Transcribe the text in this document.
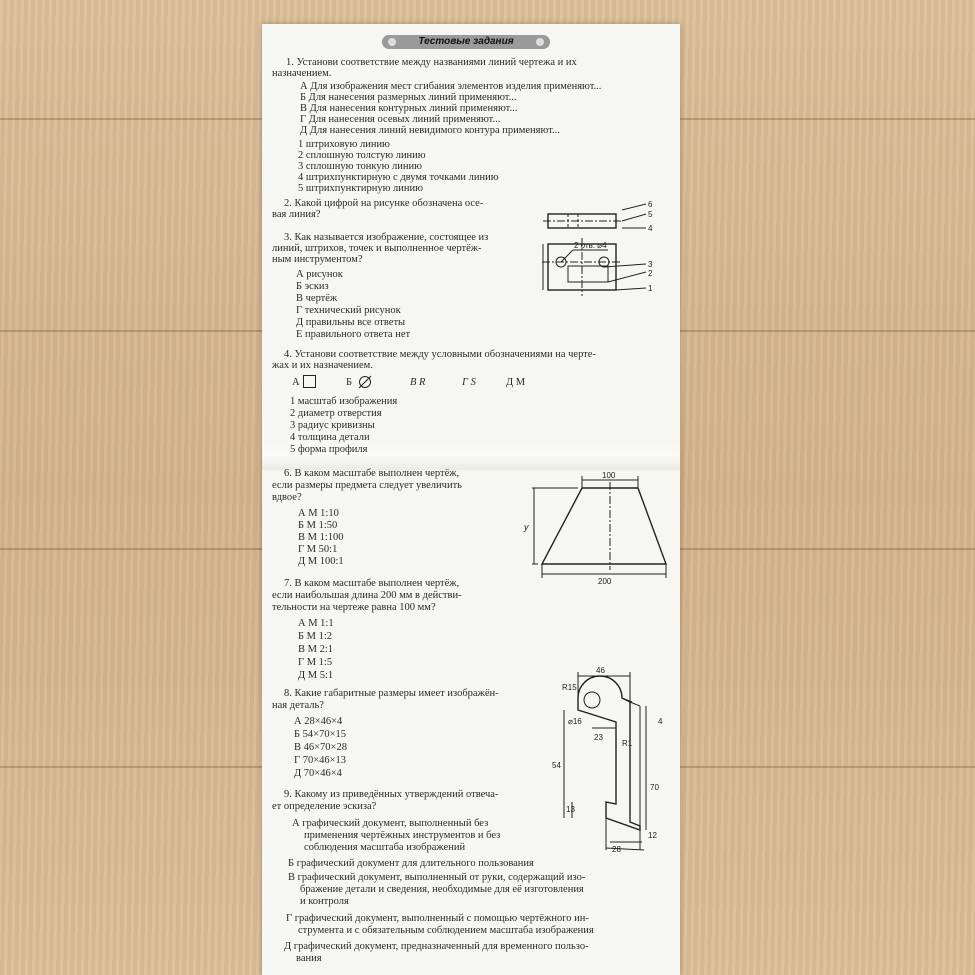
Тестовые задания
1. Установи соответствие между названиями линий чертежа и их
назначением.
А Для изображения мест сгибания элементов изделия применяют...
Б Для нанесения размерных линий применяют...
В Для нанесения контурных линий применяют...
Г Для нанесения осевых линий применяют...
Д Для нанесения линий невидимого контура применяют...
1 штриховую линию
2 сплошную толстую линию
3 сплошную тонкую линию
4 штрихпунктирную с двумя точками линию
5 штрихпунктирную линию
2. Какой цифрой на рисунке обозначена осе-
вая линия?
3. Как называется изображение, состоящее из
линий, штрихов, точек и выполненное чертёж-
ным инструментом?
А рисунок
Б эскиз
В чертёж
Г технический рисунок
Д правильны все ответы
Е правильного ответа нет
2 отв. ⌀4
6
5
4
3
2
1
4. Установи соответствие между условными обозначениями на черте-
жах и их назначением.
А	Б	В R	Г S	Д М
1 масштаб изображения
2 диаметр отверстия
3 радиус кривизны
4 толщина детали
5 форма профиля
6. В каком масштабе выполнен чертёж,
если размеры предмета следует увеличить
вдвое?
А М 1:10
Б М 1:50
В М 1:100
Г М 50:1
Д М 100:1
100
200
y
7. В каком масштабе выполнен чертёж,
если наибольшая длина 200 мм в действи-
тельности на чертеже равна 100 мм?
А М 1:1
Б М 1:2
В М 2:1
Г М 1:5
Д М 5:1
8. Какие габаритные размеры имеет изображён-
ная деталь?
А 28×46×4
Б 54×70×15
В 46×70×28
Г 70×46×13
Д 70×46×4
46
R15
⌀16
23
R1
4
54
70
13
12
28
9. Какому из приведённых утверждений отвеча-
ет определение эскиза?
А графический документ, выполненный без
применения чертёжных инструментов и без
соблюдения масштаба изображений
Б графический документ для длительного пользования
В графический документ, выполненный от руки, содержащий изо-
бражение детали и сведения, необходимые для её изготовления
и контроля
Г графический документ, выполненный с помощью чертёжного ин-
струмента и с обязательным соблюдением масштаба изображения
Д графический документ, предназначенный для временного пользо-
вания
